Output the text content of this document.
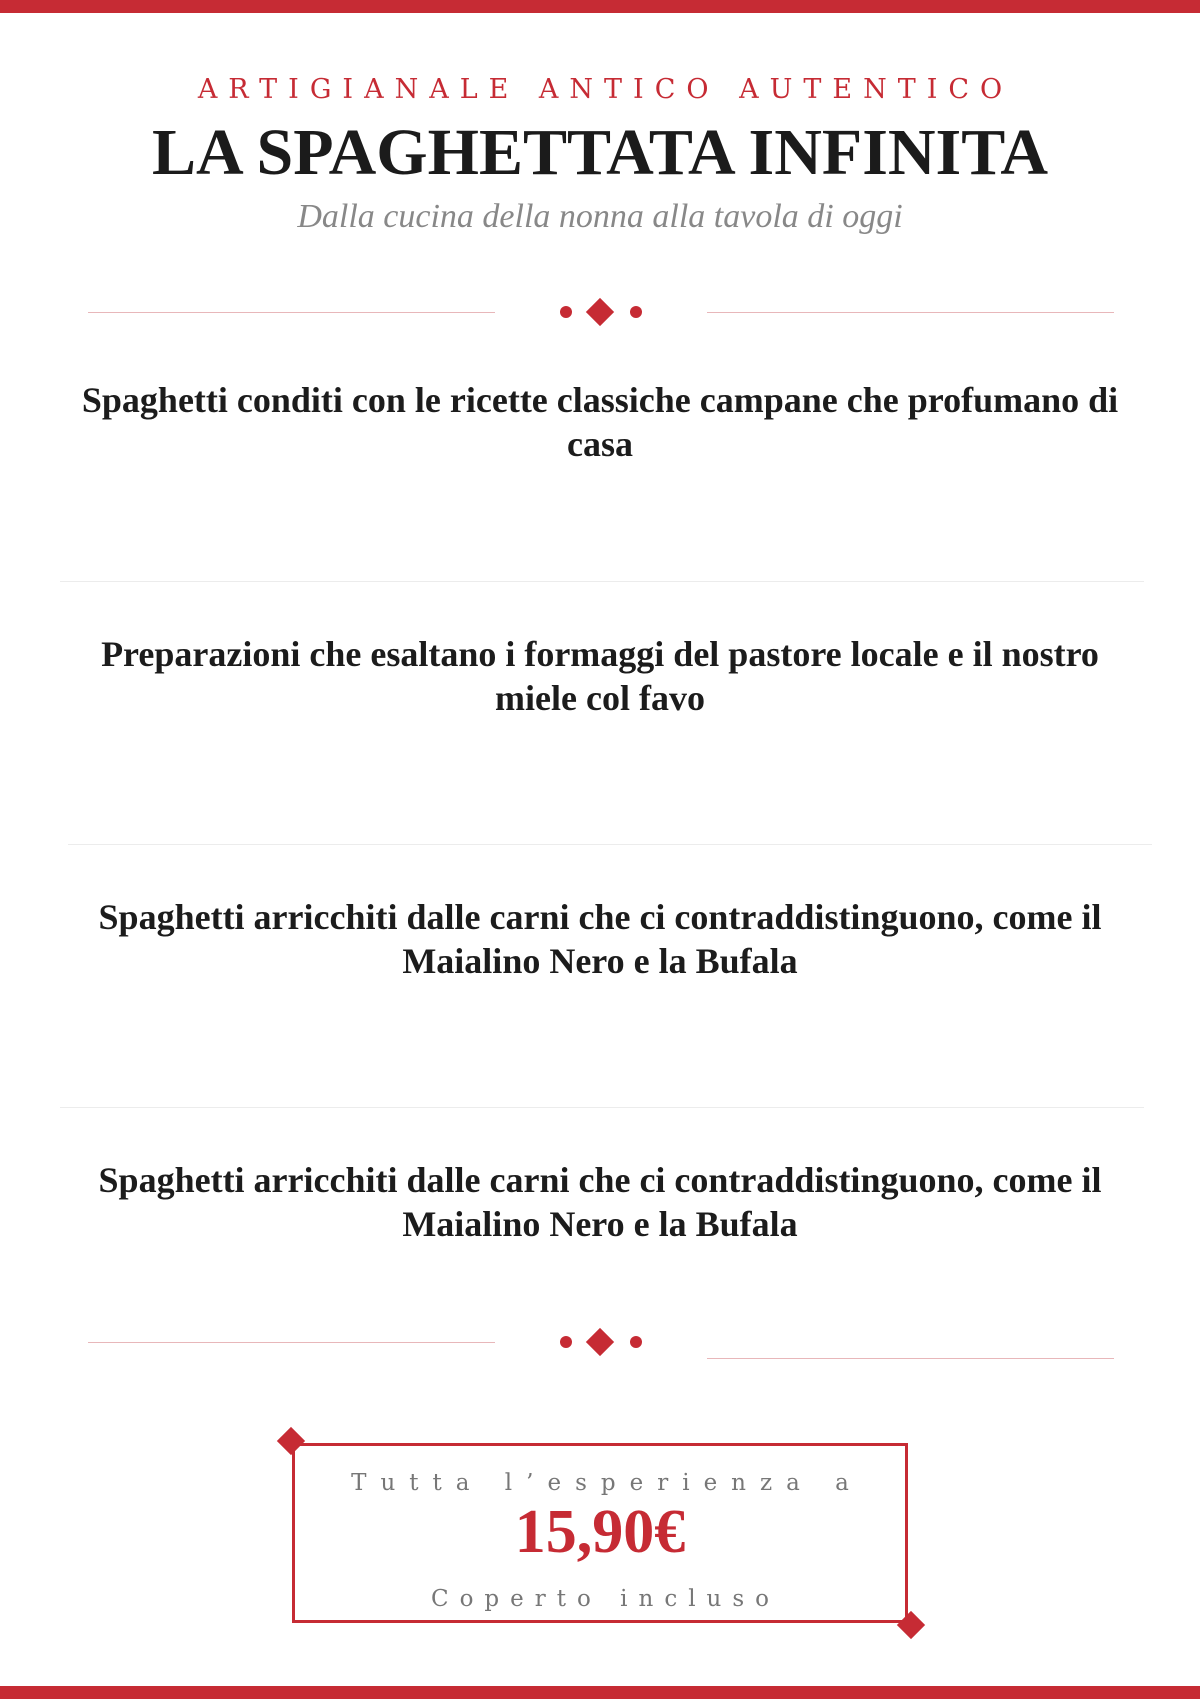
ARTIGIANALE ANTICO AUTENTICO
LA SPAGHETTATA INFINITA
Dalla cucina della nonna alla tavola di oggi
Spaghetti conditi con le ricette classiche campane che profumano di casa
Preparazioni che esaltano i formaggi del pastore locale e il nostro miele col favo
Spaghetti arricchiti dalle carni che ci contraddistinguono, come il Maialino Nero e la Bufala
Spaghetti arricchiti dalle carni che ci contraddistinguono, come il Maialino Nero e la Bufala
Tutta l’esperienza a
15,90€
Coperto incluso
